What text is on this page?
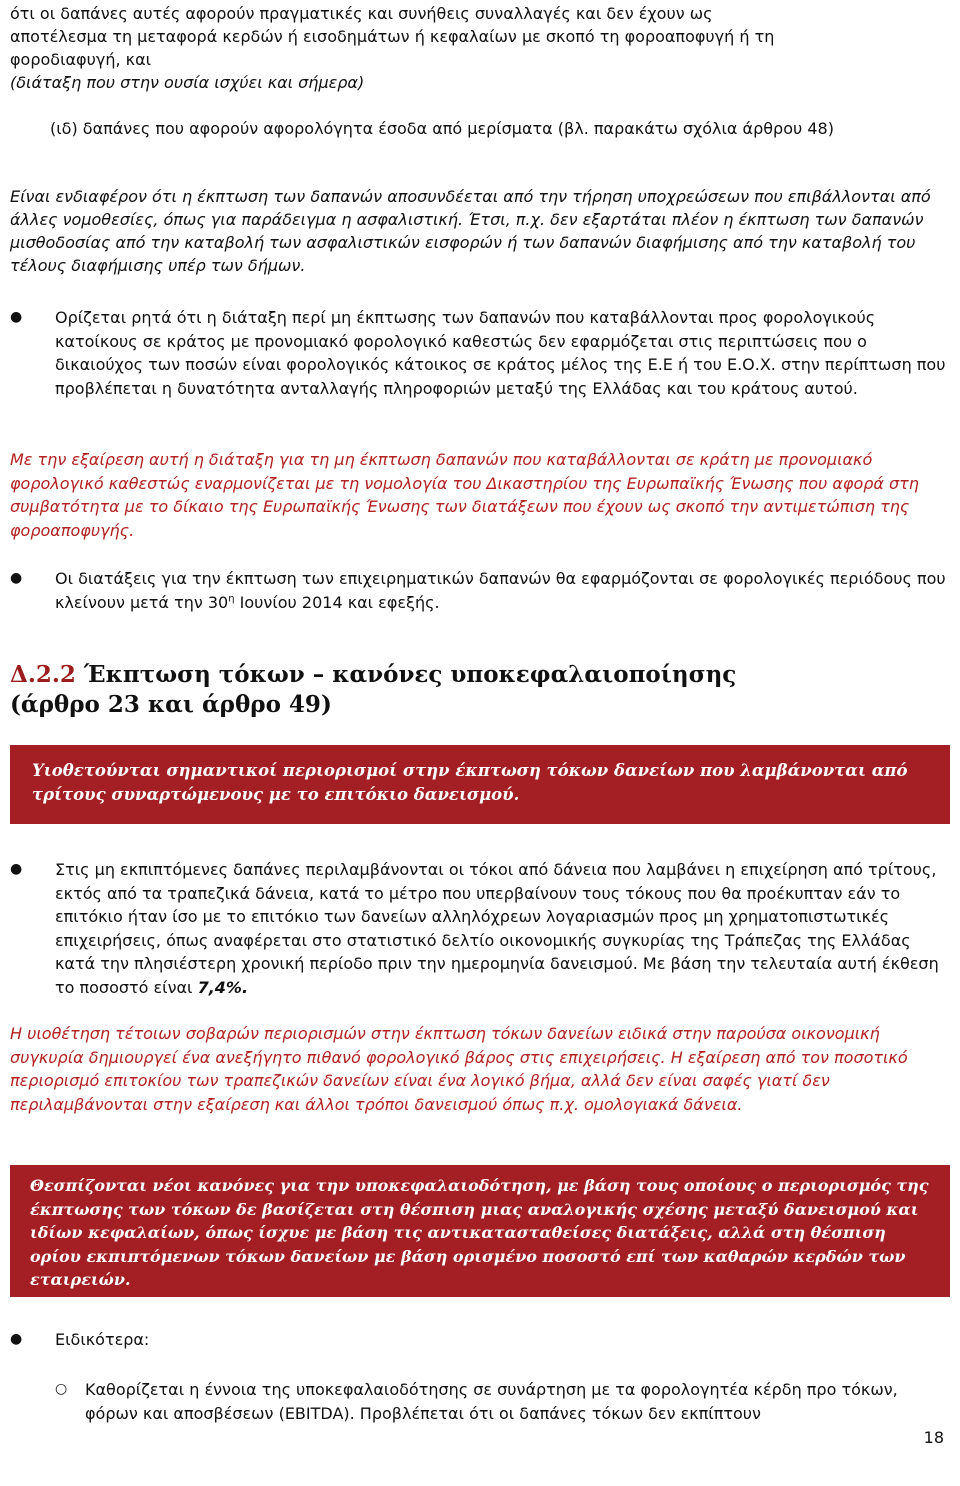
ότι οι δαπάνες αυτές αφορούν πραγματικές και συνήθεις συναλλαγές και δεν έχουν ως
αποτέλεσμα τη μεταφορά κερδών ή εισοδημάτων ή κεφαλαίων με σκοπό τη φοροαποφυγή ή τη
φοροδιαφυγή, και
(διάταξη που στην ουσία ισχύει και σήμερα)
(ιδ) δαπάνες που αφορούν αφορολόγητα έσοδα από μερίσματα (βλ. παρακάτω σχόλια άρθρου 48)
Είναι ενδιαφέρον ότι η έκπτωση των δαπανών αποσυνδέεται από την τήρηση υποχρεώσεων που επιβάλλονται από άλλες νομοθεσίες, όπως για παράδειγμα η ασφαλιστική. Έτσι, π.χ. δεν εξαρτάται πλέον η έκπτωση των δαπανών μισθοδοσίας από την καταβολή των ασφαλιστικών εισφορών ή των δαπανών διαφήμισης από την καταβολή του τέλους διαφήμισης υπέρ των δήμων.
● Ορίζεται ρητά ότι η διάταξη περί μη έκπτωσης των δαπανών που καταβάλλονται προς φορολογικούς κατοίκους σε κράτος με προνομιακό φορολογικό καθεστώς δεν εφαρμόζεται στις περιπτώσεις που ο δικαιούχος των ποσών είναι φορολογικός κάτοικος σε κράτος μέλος της Ε.Ε ή του Ε.Ο.Χ. στην περίπτωση που προβλέπεται η δυνατότητα ανταλλαγής πληροφοριών μεταξύ της Ελλάδας και του κράτους αυτού.
Με την εξαίρεση αυτή η διάταξη για τη μη έκπτωση δαπανών που καταβάλλονται σε κράτη με προνομιακό φορολογικό καθεστώς εναρμονίζεται με τη νομολογία του Δικαστηρίου της Ευρωπαϊκής Ένωσης που αφορά στη συμβατότητα με το δίκαιο της Ευρωπαϊκής Ένωσης των διατάξεων που έχουν ως σκοπό την αντιμετώπιση της φοροαποφυγής.
● Οι διατάξεις για την έκπτωση των επιχειρηματικών δαπανών θα εφαρμόζονται σε φορολογικές περιόδους που κλείνουν μετά την $30^\eta$ Ιουνίου 2014 και εφεξής.
Δ.2.2 Έκπτωση τόκων – κανόνες υποκεφαλαιοποίησης
(άρθρο 23 και άρθρο 49)
Υιοθετούνται σημαντικοί περιορισμοί στην έκπτωση τόκων δανείων που λαμβάνονται από τρίτους συναρτώμενους με το επιτόκιο δανεισμού.
● Στις μη εκπιπτόμενες δαπάνες περιλαμβάνονται οι τόκοι από δάνεια που λαμβάνει η επιχείρηση από τρίτους, εκτός από τα τραπεζικά δάνεια, κατά το μέτρο που υπερβαίνουν τους τόκους που θα προέκυπταν εάν το επιτόκιο ήταν ίσο με το επιτόκιο των δανείων αλληλόχρεων λογαριασμών προς μη χρηματοπιστωτικές επιχειρήσεις, όπως αναφέρεται στο στατιστικό δελτίο οικονομικής συγκυρίας της Τράπεζας της Ελλάδας κατά την πλησιέστερη χρονική περίοδο πριν την ημερομηνία δανεισμού. Με βάση την τελευταία αυτή έκθεση το ποσοστό είναι 7,4%.
Η υιοθέτηση τέτοιων σοβαρών περιορισμών στην έκπτωση τόκων δανείων ειδικά στην παρούσα οικονομική συγκυρία δημιουργεί ένα ανεξήγητο πιθανό φορολογικό βάρος στις επιχειρήσεις. Η εξαίρεση από τον ποσοτικό περιορισμό επιτοκίου των τραπεζικών δανείων είναι ένα λογικό βήμα, αλλά δεν είναι σαφές γιατί δεν περιλαμβάνονται στην εξαίρεση και άλλοι τρόποι δανεισμού όπως π.χ. ομολογιακά δάνεια.
Θεσπίζονται νέοι κανόνες για την υποκεφαλαιοδότηση, με βάση τους οποίους ο περιορισμός της έκπτωσης των τόκων δε βασίζεται στη θέσπιση μιας αναλογικής σχέσης μεταξύ δανεισμού και ιδίων κεφαλαίων, όπως ίσχυε με βάση τις αντικατασταθείσες διατάξεις, αλλά στη θέσπιση ορίου εκπιπτόμενων τόκων δανείων με βάση ορισμένο ποσοστό επί των καθαρών κερδών των εταιρειών.
● Ειδικότερα:
○ Καθορίζεται η έννοια της υποκεφαλαιοδότησης σε συνάρτηση με τα φορολογητέα κέρδη προ τόκων, φόρων και αποσβέσεων (EBITDA). Προβλέπεται ότι οι δαπάνες τόκων δεν εκπίπτουν
18
